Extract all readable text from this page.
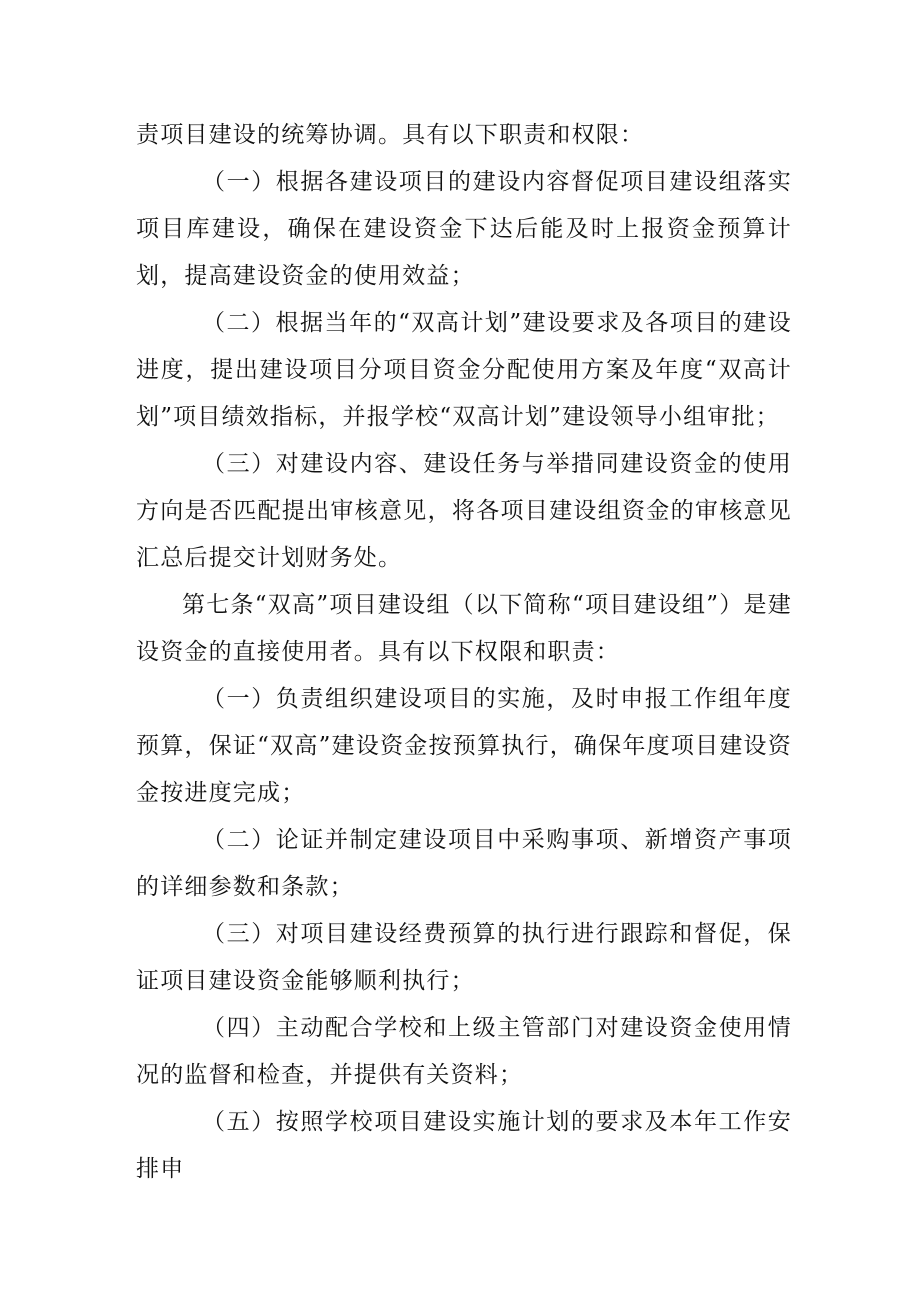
责项目建设的统筹协调。具有以下职责和权限：

（一）根据各建设项目的建设内容督促项目建设组落实项目库建设，确保在建设资金下达后能及时上报资金预算计划，提高建设资金的使用效益；

（二）根据当年的“双高计划”建设要求及各项目的建设进度，提出建设项目分项目资金分配使用方案及年度“双高计划”项目绩效指标，并报学校“双高计划”建设领导小组审批；

（三）对建设内容、建设任务与举措同建设资金的使用方向是否匹配提出审核意见，将各项目建设组资金的审核意见汇总后提交计划财务处。

第七条“双高”项目建设组（以下简称“项目建设组”）是建设资金的直接使用者。具有以下权限和职责：

（一）负责组织建设项目的实施，及时申报工作组年度预算，保证“双高”建设资金按预算执行，确保年度项目建设资金按进度完成；

（二）论证并制定建设项目中采购事项、新增资产事项的详细参数和条款；

（三）对项目建设经费预算的执行进行跟踪和督促，保证项目建设资金能够顺利执行；

（四）主动配合学校和上级主管部门对建设资金使用情况的监督和检查，并提供有关资料；

（五）按照学校项目建设实施计划的要求及本年工作安排申
